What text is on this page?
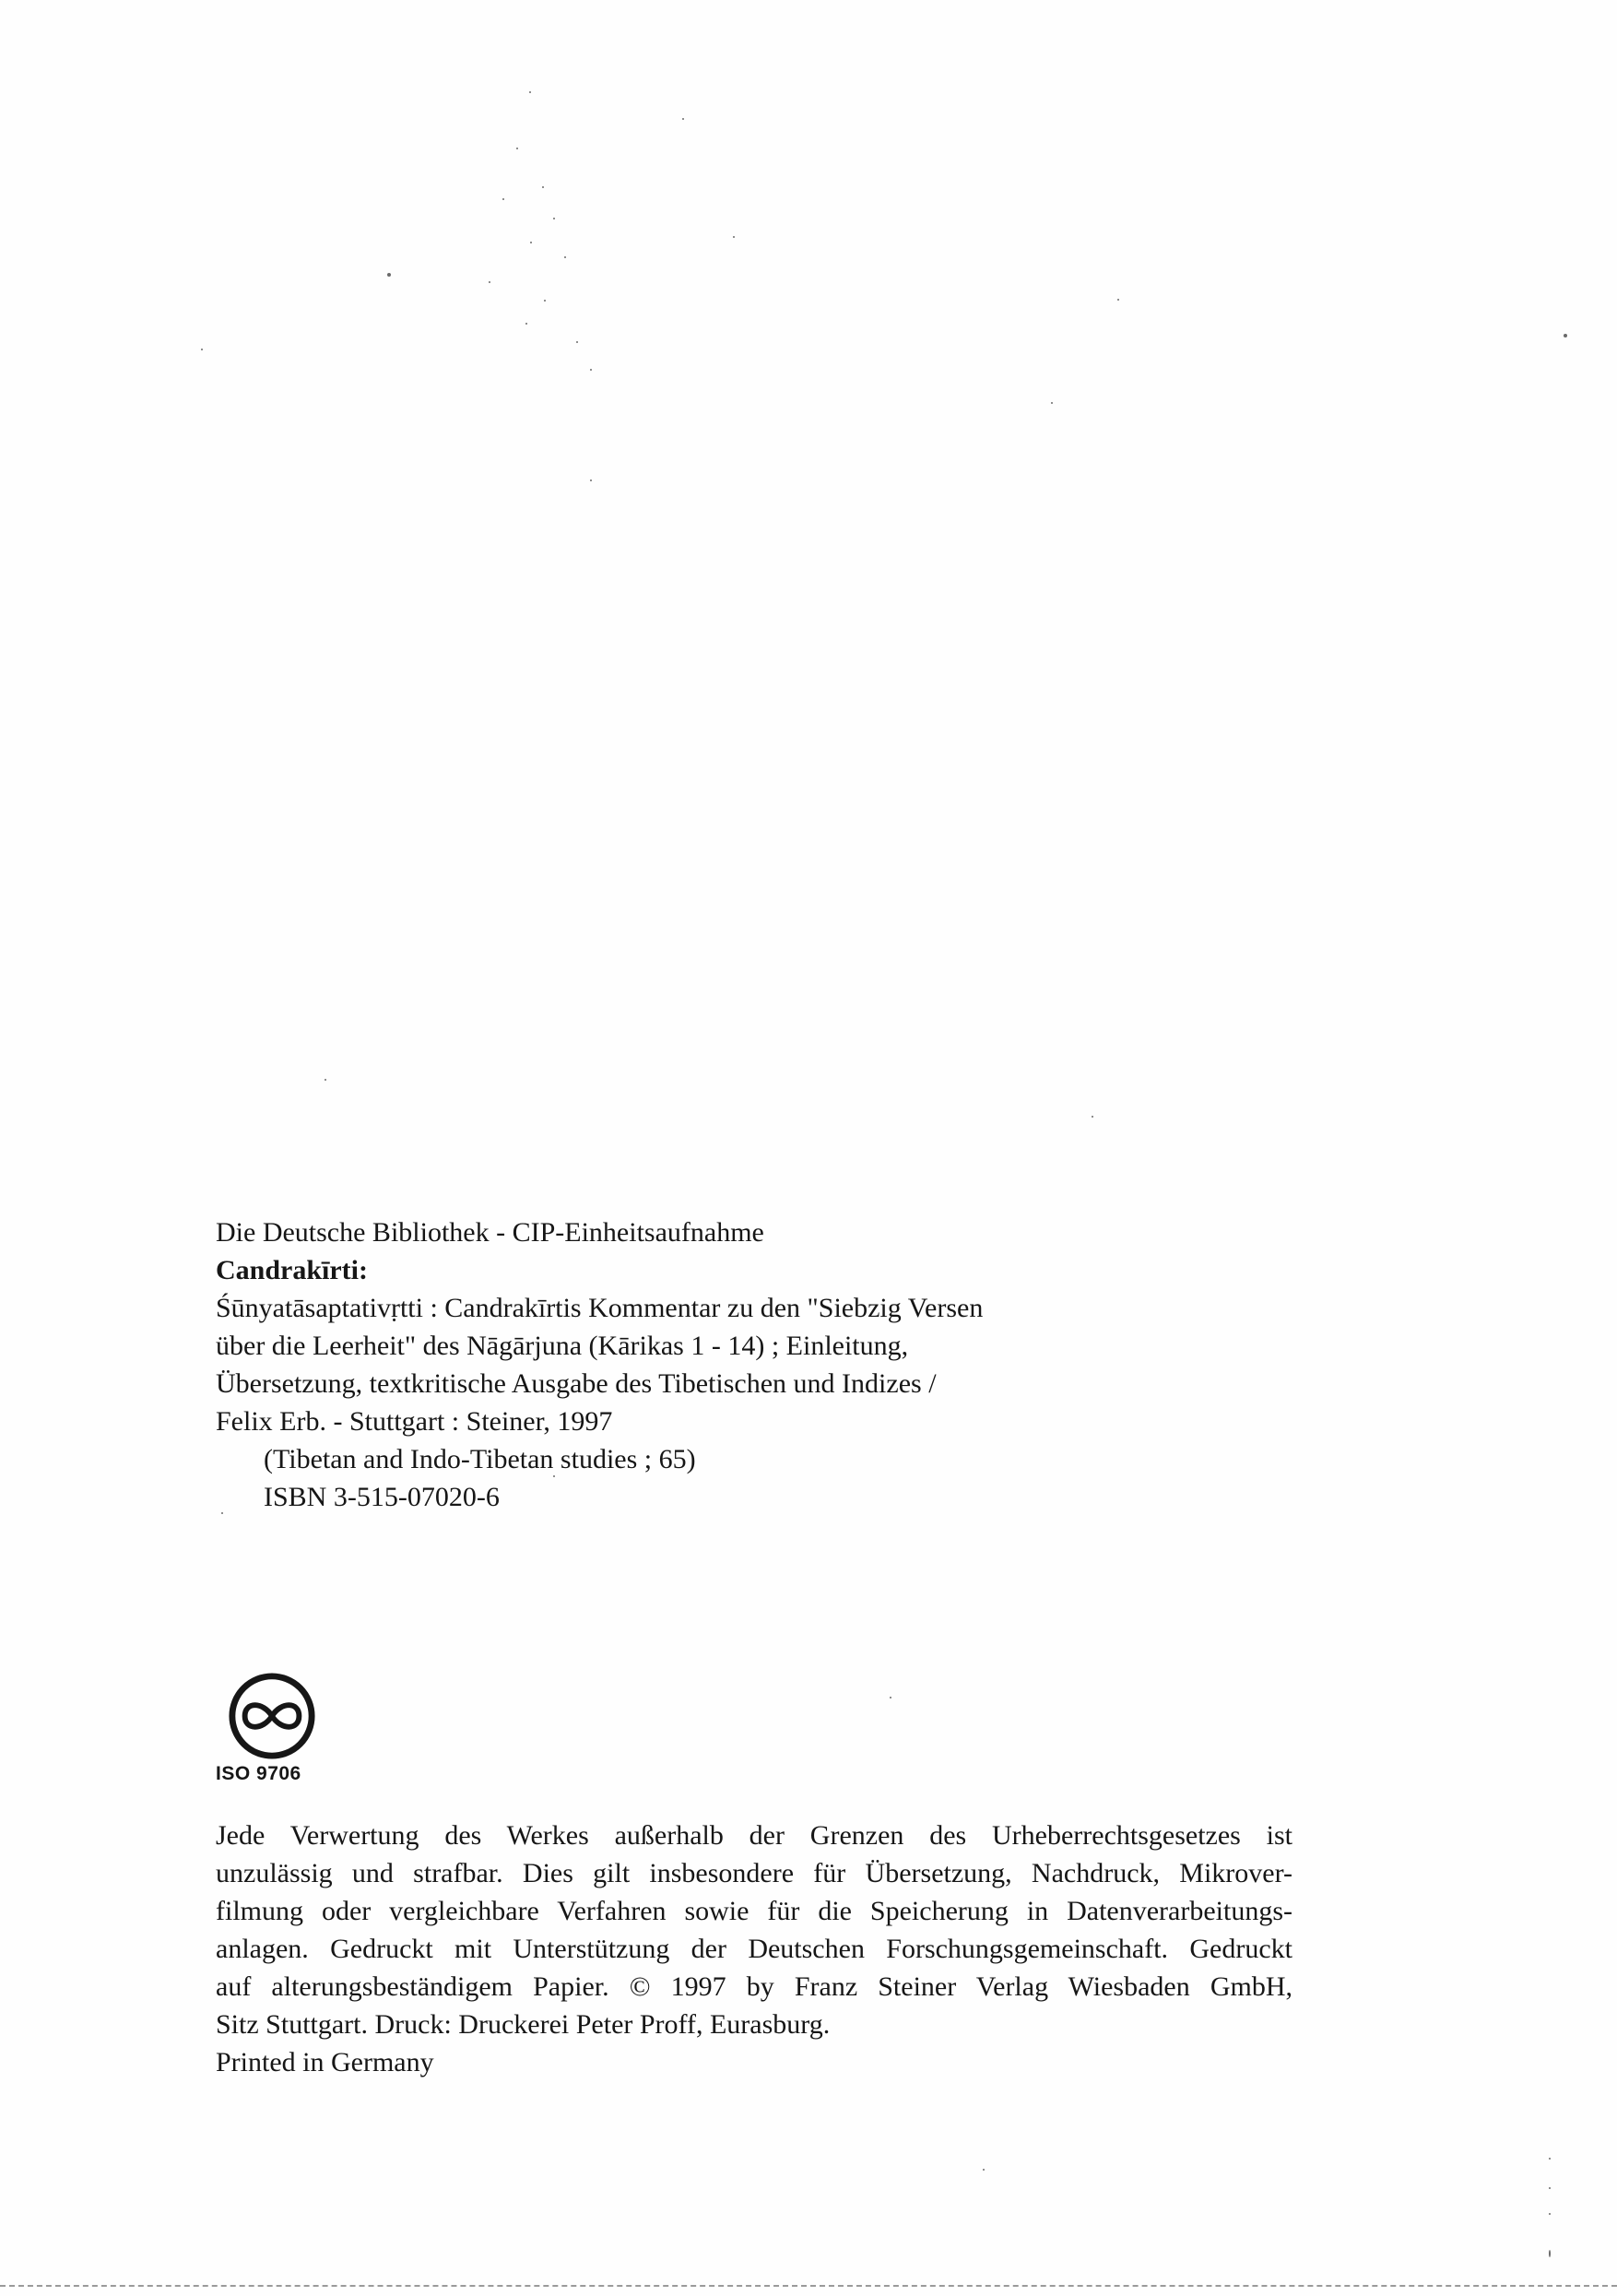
Die Deutsche Bibliothek - CIP-Einheitsaufnahme
Candrakīrti:
Śūnyatāsaptativṛtti : Candrakīrtis Kommentar zu den "Siebzig Versen
über die Leerheit" des Nāgārjuna (Kārikas 1 - 14) ; Einleitung,
Übersetzung, textkritische Ausgabe des Tibetischen und Indizes /
Felix Erb. - Stuttgart : Steiner, 1997
(Tibetan and Indo-Tibetan studies ; 65)
ISBN 3-515-07020-6
ISO 9706
Jede Verwertung des Werkes außerhalb der Grenzen des Urheberrechtsgesetzes ist
unzulässig und strafbar. Dies gilt insbesondere für Übersetzung, Nachdruck, Mikrover-
filmung oder vergleichbare Verfahren sowie für die Speicherung in Datenverarbeitungs-
anlagen. Gedruckt mit Unterstützung der Deutschen Forschungsgemeinschaft. Gedruckt
auf alterungsbeständigem Papier. © 1997 by Franz Steiner Verlag Wiesbaden GmbH,
Sitz Stuttgart. Druck: Druckerei Peter Proff, Eurasburg.
Printed in Germany
